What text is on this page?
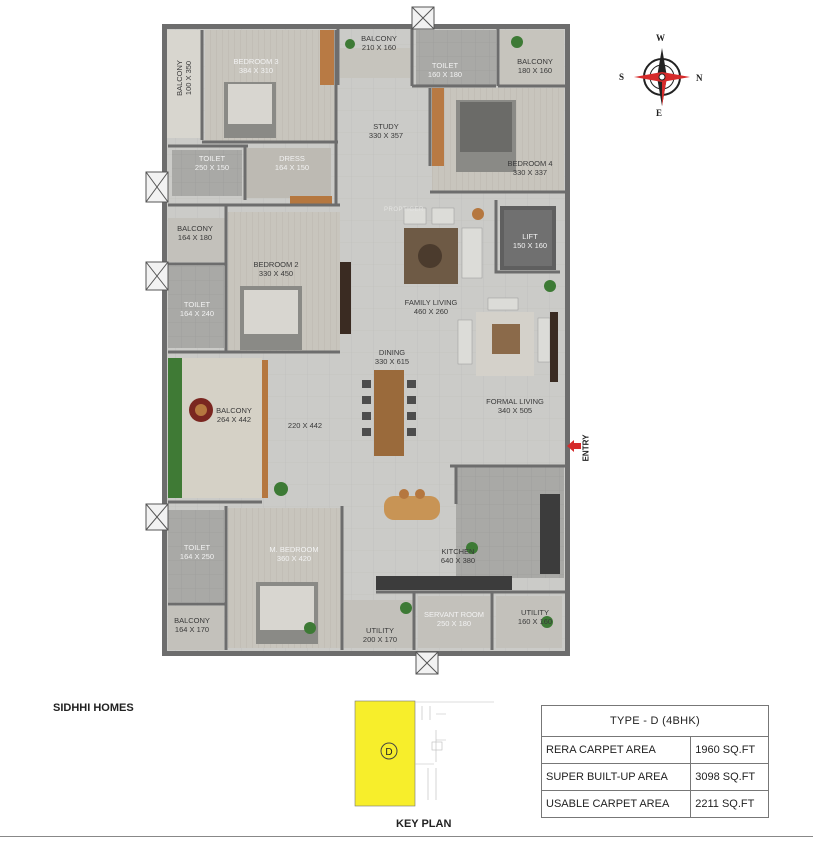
W
E
S	N
ENTRY
PROPTIGER
BALCONY
210 X 160
BALCONY 100 X 350	BEDROOM 3
384 X 310
TOILET
160 X 180
BALCONY
180 X 160
STUDY
330 X 357
TOILET
250 X 150
DRESS
164 X 150	BEDROOM 4
330 X 337
BALCONY
164 X 180	LIFT
150 X 160
BEDROOM 2
330 X 450
FAMILY LIVING
460 X 260
TOILET
164 X 240
DINING
330 X 615
BALCONY
264 X 442
220 X 442
FORMAL LIVING
340 X 505
TOILET
164 X 250
M. BEDROOM
360 X 420
KITCHEN
640 X 380
SERVANT ROOM
250 X 180
UTILITY
160 X 160
BALCONY
164 X 170	UTILITY
200 X 170
SIDHHI HOMES
D
KEY PLAN
TYPE - D (4BHK)	
RERA CARPET AREA	1960 SQ.FT
SUPER BUILT-UP AREA	3098 SQ.FT
USABLE CARPET AREA	2211 SQ.FT
